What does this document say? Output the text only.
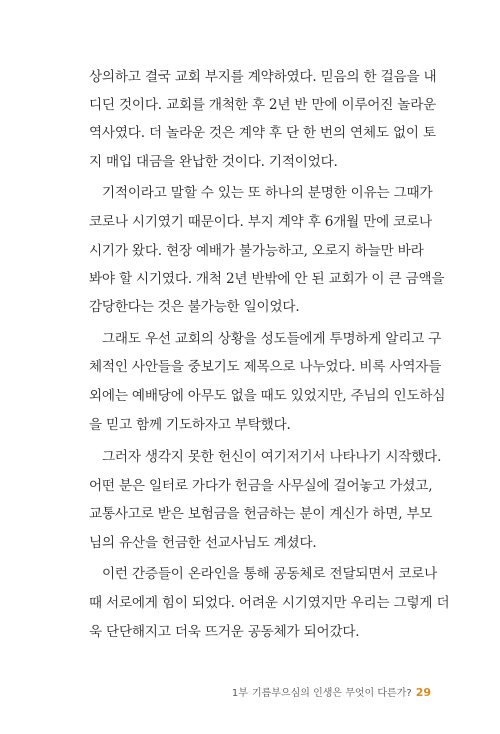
상의하고 결국 교회 부지를 계약하였다. 믿음의 한 걸음을 내
디딘 것이다. 교회를 개척한 후 2년 반 만에 이루어진 놀라운
역사였다. 더 놀라운 것은 계약 후 단 한 번의 연체도 없이 토
지 매입 대금을 완납한 것이다. 기적이었다.
기적이라고 말할 수 있는 또 하나의 분명한 이유는 그때가
코로나 시기였기 때문이다. 부지 계약 후 6개월 만에 코로나
시기가 왔다. 현장 예배가 불가능하고, 오로지 하늘만 바라
봐야 할 시기였다. 개척 2년 반밖에 안 된 교회가 이 큰 금액을
감당한다는 것은 불가능한 일이었다.
그래도 우선 교회의 상황을 성도들에게 투명하게 알리고 구
체적인 사안들을 중보기도 제목으로 나누었다. 비록 사역자들
외에는 예배당에 아무도 없을 때도 있었지만, 주님의 인도하심
을 믿고 함께 기도하자고 부탁했다.
그러자 생각지 못한 헌신이 여기저기서 나타나기 시작했다.
어떤 분은 일터로 가다가 헌금을 사무실에 걸어놓고 가셨고,
교통사고로 받은 보험금을 헌금하는 분이 계신가 하면, 부모
님의 유산을 헌금한 선교사님도 계셨다.
이런 간증들이 온라인을 통해 공동체로 전달되면서 코로나
때 서로에게 힘이 되었다. 어려운 시기였지만 우리는 그렇게 더
욱 단단해지고 더욱 뜨거운 공동체가 되어갔다.
1부 기름부으심의 인생은 무엇이 다른가? 29
